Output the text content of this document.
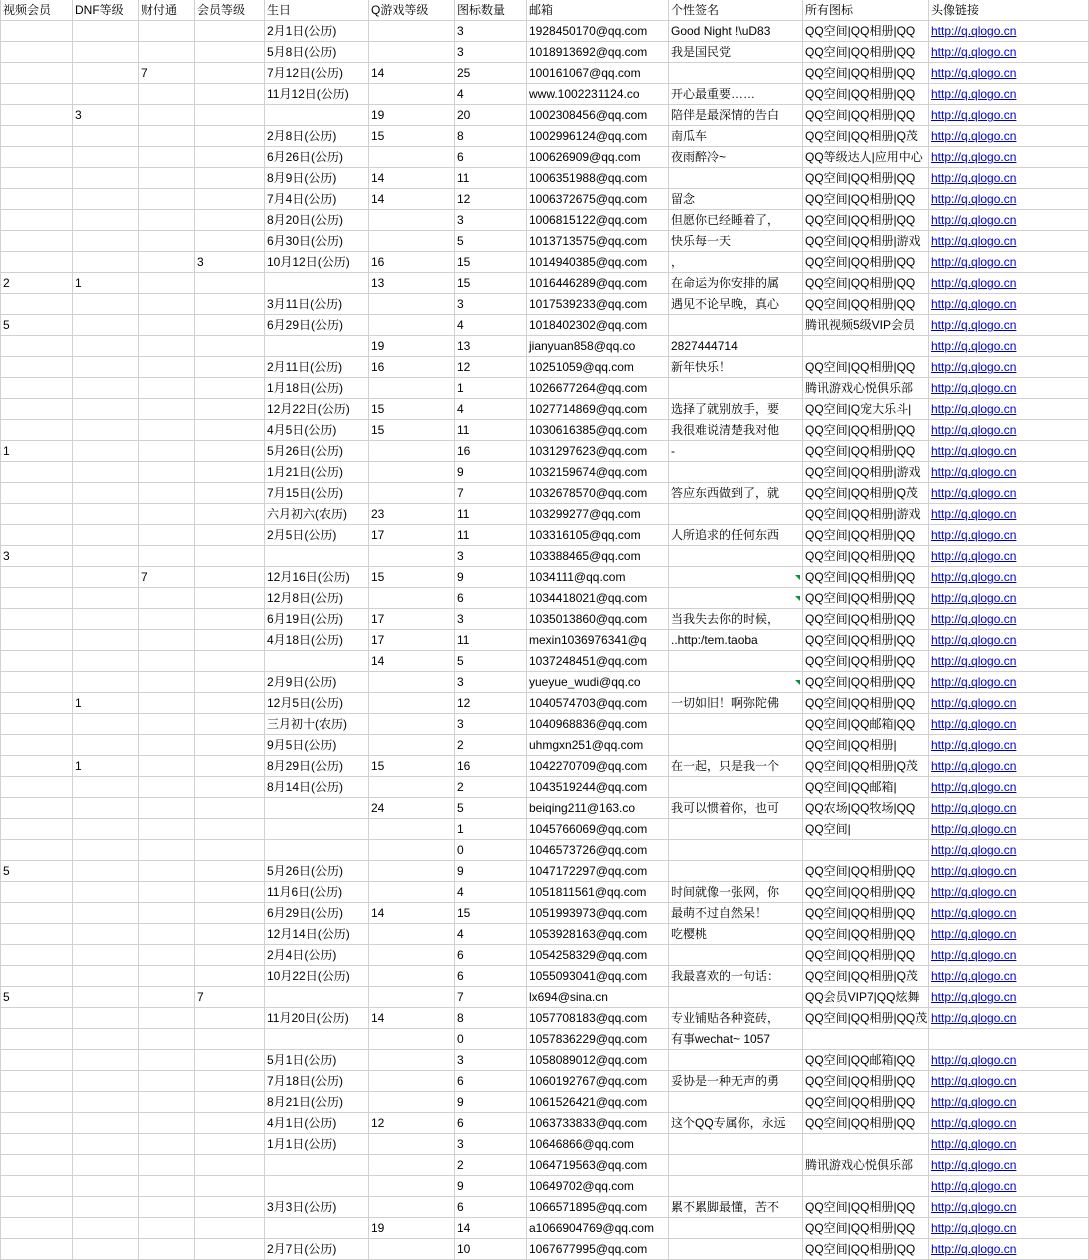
视频会员	DNF等级	财付通	会员等级	生日	Q游戏等级	图标数量	邮箱	个性签名	所有图标	头像链接
				2月1日(公历)		3	1928450170@qq.com	Good Night !\uD83	QQ空间|QQ相册|QQ	http://q.qlogo.cn
				5月8日(公历)		3	1018913692@qq.com	我是国民党	QQ空间|QQ相册|QQ	http://q.qlogo.cn
		7		7月12日(公历)	14	25	100161067@qq.com		QQ空间|QQ相册|QQ	http://q.qlogo.cn
				11月12日(公历)		4	www.1002231124.co	开心最重要……	QQ空间|QQ相册|QQ	http://q.qlogo.cn
	3				19	20	1002308456@qq.com	陪伴是最深情的告白	QQ空间|QQ相册|QQ	http://q.qlogo.cn
				2月8日(公历)	15	8	1002996124@qq.com	南瓜车	QQ空间|QQ相册|Q茂	http://q.qlogo.cn
				6月26日(公历)		6	100626909@qq.com	夜雨醉冷~	QQ等级达人|应用中心	http://q.qlogo.cn
				8月9日(公历)	14	11	1006351988@qq.com		QQ空间|QQ相册|QQ	http://q.qlogo.cn
				7月4日(公历)	14	12	1006372675@qq.com	留念	QQ空间|QQ相册|QQ	http://q.qlogo.cn
				8月20日(公历)		3	1006815122@qq.com	但愿你已经睡着了，	QQ空间|QQ相册|QQ	http://q.qlogo.cn
				6月30日(公历)		5	1013713575@qq.com	快乐每一天	QQ空间|QQ相册|游戏	http://q.qlogo.cn
			3	10月12日(公历)	16	15	1014940385@qq.com	，	QQ空间|QQ相册|QQ	http://q.qlogo.cn
2	1				13	15	1016446289@qq.com	在命运为你安排的属	QQ空间|QQ相册|QQ	http://q.qlogo.cn
				3月11日(公历)		3	1017539233@qq.com	遇见不论早晚，真心	QQ空间|QQ相册|QQ	http://q.qlogo.cn
5				6月29日(公历)		4	1018402302@qq.com		腾讯视频5级VIP会员	http://q.qlogo.cn
					19	13	jianyuan858@qq.co	2827444714		http://q.qlogo.cn
				2月11日(公历)	16	12	10251059@qq.com	新年快乐！	QQ空间|QQ相册|QQ	http://q.qlogo.cn
				1月18日(公历)		1	1026677264@qq.com		腾讯游戏心悦俱乐部	http://q.qlogo.cn
				12月22日(公历)	15	4	1027714869@qq.com	选择了就别放手，要	QQ空间|Q宠大乐斗|	http://q.qlogo.cn
				4月5日(公历)	15	11	1030616385@qq.com	我很难说清楚我对他	QQ空间|QQ相册|QQ	http://q.qlogo.cn
1				5月26日(公历)		16	1031297623@qq.com	-	QQ空间|QQ相册|QQ	http://q.qlogo.cn
				1月21日(公历)		9	1032159674@qq.com		QQ空间|QQ相册|游戏	http://q.qlogo.cn
				7月15日(公历)		7	1032678570@qq.com	答应东西做到了，就	QQ空间|QQ相册|Q茂	http://q.qlogo.cn
				六月初六(农历)	23	11	103299277@qq.com		QQ空间|QQ相册|游戏	http://q.qlogo.cn
				2月5日(公历)	17	11	103316105@qq.com	人所追求的任何东西	QQ空间|QQ相册|QQ	http://q.qlogo.cn
3						3	103388465@qq.com		QQ空间|QQ相册|QQ	http://q.qlogo.cn
		7		12月16日(公历)	15	9	1034111@qq.com		QQ空间|QQ相册|QQ	http://q.qlogo.cn
				12月8日(公历)		6	1034418021@qq.com		QQ空间|QQ相册|QQ	http://q.qlogo.cn
				6月19日(公历)	17	3	1035013860@qq.com	当我失去你的时候，	QQ空间|QQ相册|QQ	http://q.qlogo.cn
				4月18日(公历)	17	11	mexin1036976341@q	..http:/tem.taoba	QQ空间|QQ相册|QQ	http://q.qlogo.cn
					14	5	1037248451@qq.com		QQ空间|QQ相册|QQ	http://q.qlogo.cn
				2月9日(公历)		3	yueyue_wudi@qq.co		QQ空间|QQ相册|QQ	http://q.qlogo.cn
	1			12月5日(公历)		12	1040574703@qq.com	一切如旧！啊弥陀佛	QQ空间|QQ相册|QQ	http://q.qlogo.cn
				三月初十(农历)		3	1040968836@qq.com		QQ空间|QQ邮箱|QQ	http://q.qlogo.cn
				9月5日(公历)		2	uhmgxn251@qq.com		QQ空间|QQ相册|	http://q.qlogo.cn
	1			8月29日(公历)	15	16	1042270709@qq.com	在一起，只是我一个	QQ空间|QQ相册|Q茂	http://q.qlogo.cn
				8月14日(公历)		2	1043519244@qq.com		QQ空间|QQ邮箱|	http://q.qlogo.cn
					24	5	beiqing211@163.co	我可以惯着你，也可	QQ农场|QQ牧场|QQ	http://q.qlogo.cn
						1	1045766069@qq.com		QQ空间|	http://q.qlogo.cn
						0	1046573726@qq.com			http://q.qlogo.cn
5				5月26日(公历)		9	1047172297@qq.com		QQ空间|QQ相册|QQ	http://q.qlogo.cn
				11月6日(公历)		4	1051811561@qq.com	时间就像一张网，你	QQ空间|QQ相册|QQ	http://q.qlogo.cn
				6月29日(公历)	14	15	1051993973@qq.com	最萌不过自然呆！	QQ空间|QQ相册|QQ	http://q.qlogo.cn
				12月14日(公历)		4	1053928163@qq.com	吃樱桃	QQ空间|QQ相册|QQ	http://q.qlogo.cn
				2月4日(公历)		6	1054258329@qq.com		QQ空间|QQ相册|QQ	http://q.qlogo.cn
				10月22日(公历)		6	1055093041@qq.com	我最喜欢的一句话：	QQ空间|QQ相册|Q茂	http://q.qlogo.cn
5			7			7	lx694@sina.cn		QQ会员VIP7|QQ炫舞	http://q.qlogo.cn
				11月20日(公历)	14	8	1057708183@qq.com	专业铺贴各种瓷砖，	QQ空间|QQ相册|QQ茂	http://q.qlogo.cn
						0	1057836229@qq.com	有事wechat~ 1057		
				5月1日(公历)		3	1058089012@qq.com		QQ空间|QQ邮箱|QQ	http://q.qlogo.cn
				7月18日(公历)		6	1060192767@qq.com	妥协是一种无声的勇	QQ空间|QQ相册|QQ	http://q.qlogo.cn
				8月21日(公历)		9	1061526421@qq.com		QQ空间|QQ相册|QQ	http://q.qlogo.cn
				4月1日(公历)	12	6	1063733833@qq.com	这个QQ专属你，永远	QQ空间|QQ相册|QQ	http://q.qlogo.cn
				1月1日(公历)		3	10646866@qq.com			http://q.qlogo.cn
						2	1064719563@qq.com		腾讯游戏心悦俱乐部	http://q.qlogo.cn
						9	10649702@qq.com			http://q.qlogo.cn
				3月3日(公历)		6	1066571895@qq.com	累不累脚最懂，苦不	QQ空间|QQ相册|QQ	http://q.qlogo.cn
					19	14	a1066904769@qq.com		QQ空间|QQ相册|QQ	http://q.qlogo.cn
				2月7日(公历)		10	1067677995@qq.com		QQ空间|QQ相册|QQ	http://q.qlogo.cn
